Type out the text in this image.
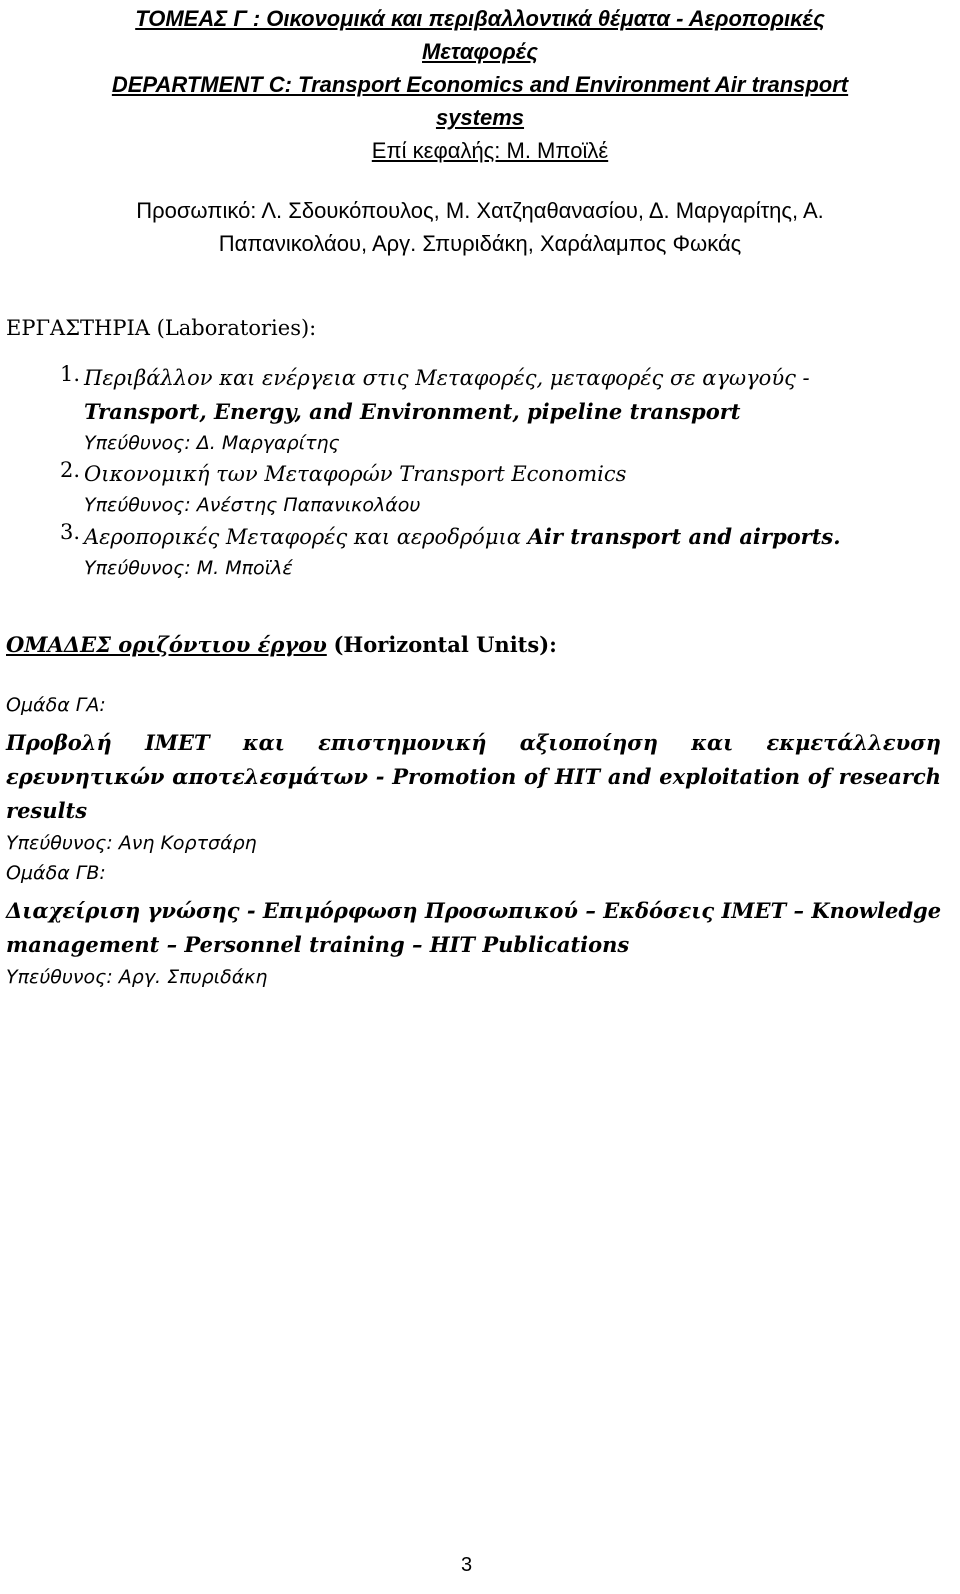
ΤΟΜΕΑΣ Γ : Οικονομικά και περιβαλλοντικά θέματα - Αεροπορικές
Μεταφορές
DEPARTMENT C: Transport Economics and Environment Air transport
systems
Επί κεφαλής: Μ. Μποϊλέ
Προσωπικό: Λ. Σδουκόπουλος, Μ. Χατζηαθανασίου, Δ. Μαργαρίτης, Α.
Παπανικολάου, Αργ. Σπυριδάκη, Χαράλαμπος Φωκάς
ΕΡΓΑΣΤΗΡΙΑ (Laboratories):
1. Περιβάλλον και ενέργεια στις Μεταφορές, μεταφορές σε αγωγούς -
Transport, Energy, and Environment, pipeline transport
Υπεύθυνος: Δ. Μαργαρίτης
2. Οικονομική των Μεταφορών Transport Economics
Υπεύθυνος: Ανέστης Παπανικολάου
3. Αεροπορικές Μεταφορές και αεροδρόμια Air transport and airports.
Υπεύθυνος: Μ. Μποϊλέ
ΟΜΑΔΕΣ οριζόντιου έργου (Horizontal Units):
Ομάδα ΓΑ:
Προβολή ΙΜΕΤ και επιστημονική αξιοποίηση και εκμετάλλευση ερευνητικών αποτελεσμάτων - Promotion of HIT and exploitation of research results
Υπεύθυνος: Ανη Κορτσάρη
Ομάδα ΓΒ:
Διαχείριση γνώσης - Επιμόρφωση Προσωπικού – Εκδόσεις ΙΜΕΤ – Knowledge management – Personnel training – HIT Publications
Υπεύθυνος: Αργ. Σπυριδάκη
3
